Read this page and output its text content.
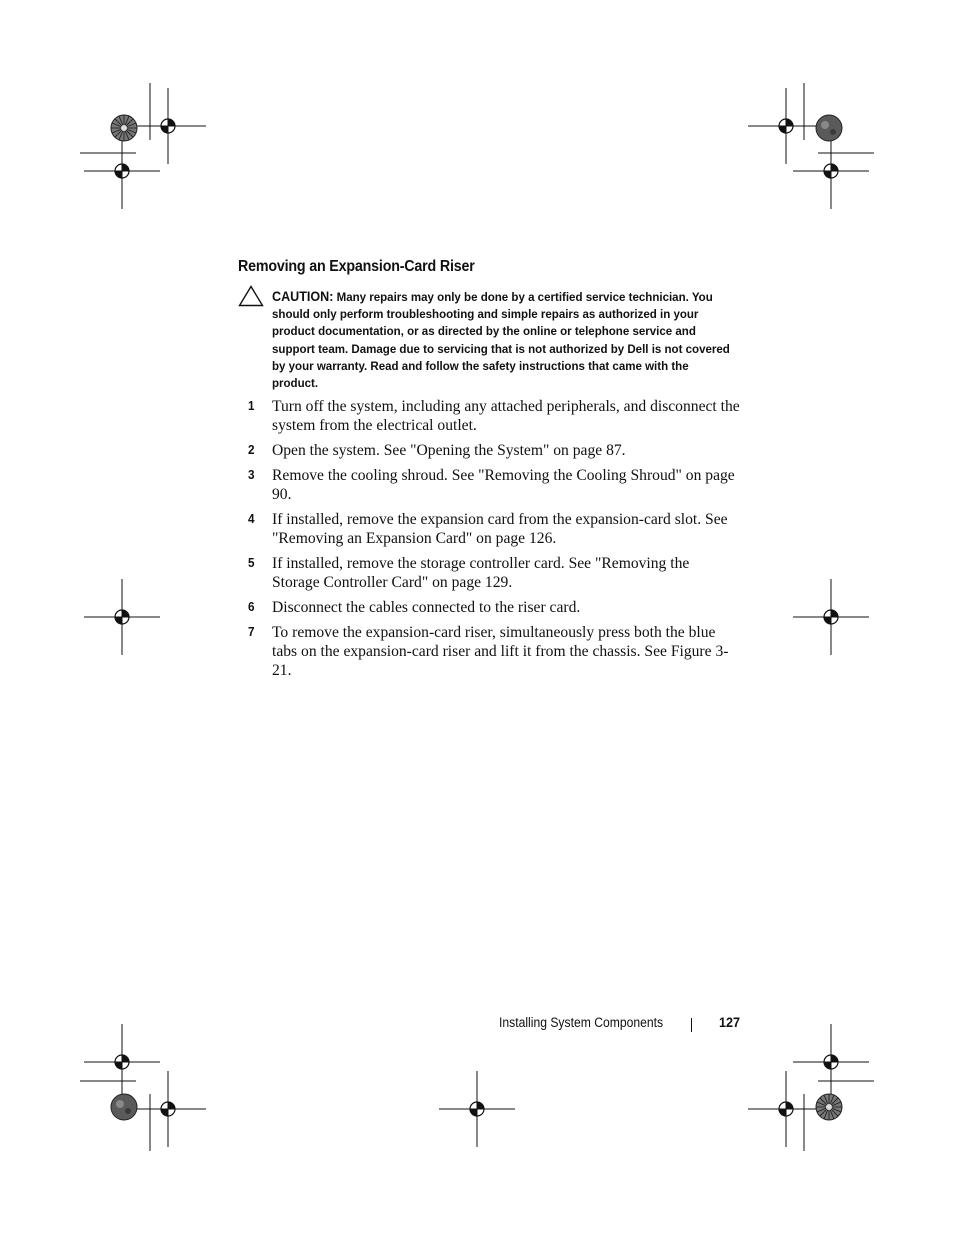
Removing an Expansion-Card Riser
CAUTION: Many repairs may only be done by a certified service technician. You should only perform troubleshooting and simple repairs as authorized in your product documentation, or as directed by the online or telephone service and support team. Damage due to servicing that is not authorized by Dell is not covered by your warranty. Read and follow the safety instructions that came with the product.
1 Turn off the system, including any attached peripherals, and disconnect the system from the electrical outlet.
2 Open the system. See "Opening the System" on page 87.
3 Remove the cooling shroud. See "Removing the Cooling Shroud" on page 90.
4 If installed, remove the expansion card from the expansion-card slot. See "Removing an Expansion Card" on page 126.
5 If installed, remove the storage controller card. See "Removing the Storage Controller Card" on page 129.
6 Disconnect the cables connected to the riser card.
7 To remove the expansion-card riser, simultaneously press both the blue tabs on the expansion-card riser and lift it from the chassis. See Figure 3-21.
Installing System Components	127
